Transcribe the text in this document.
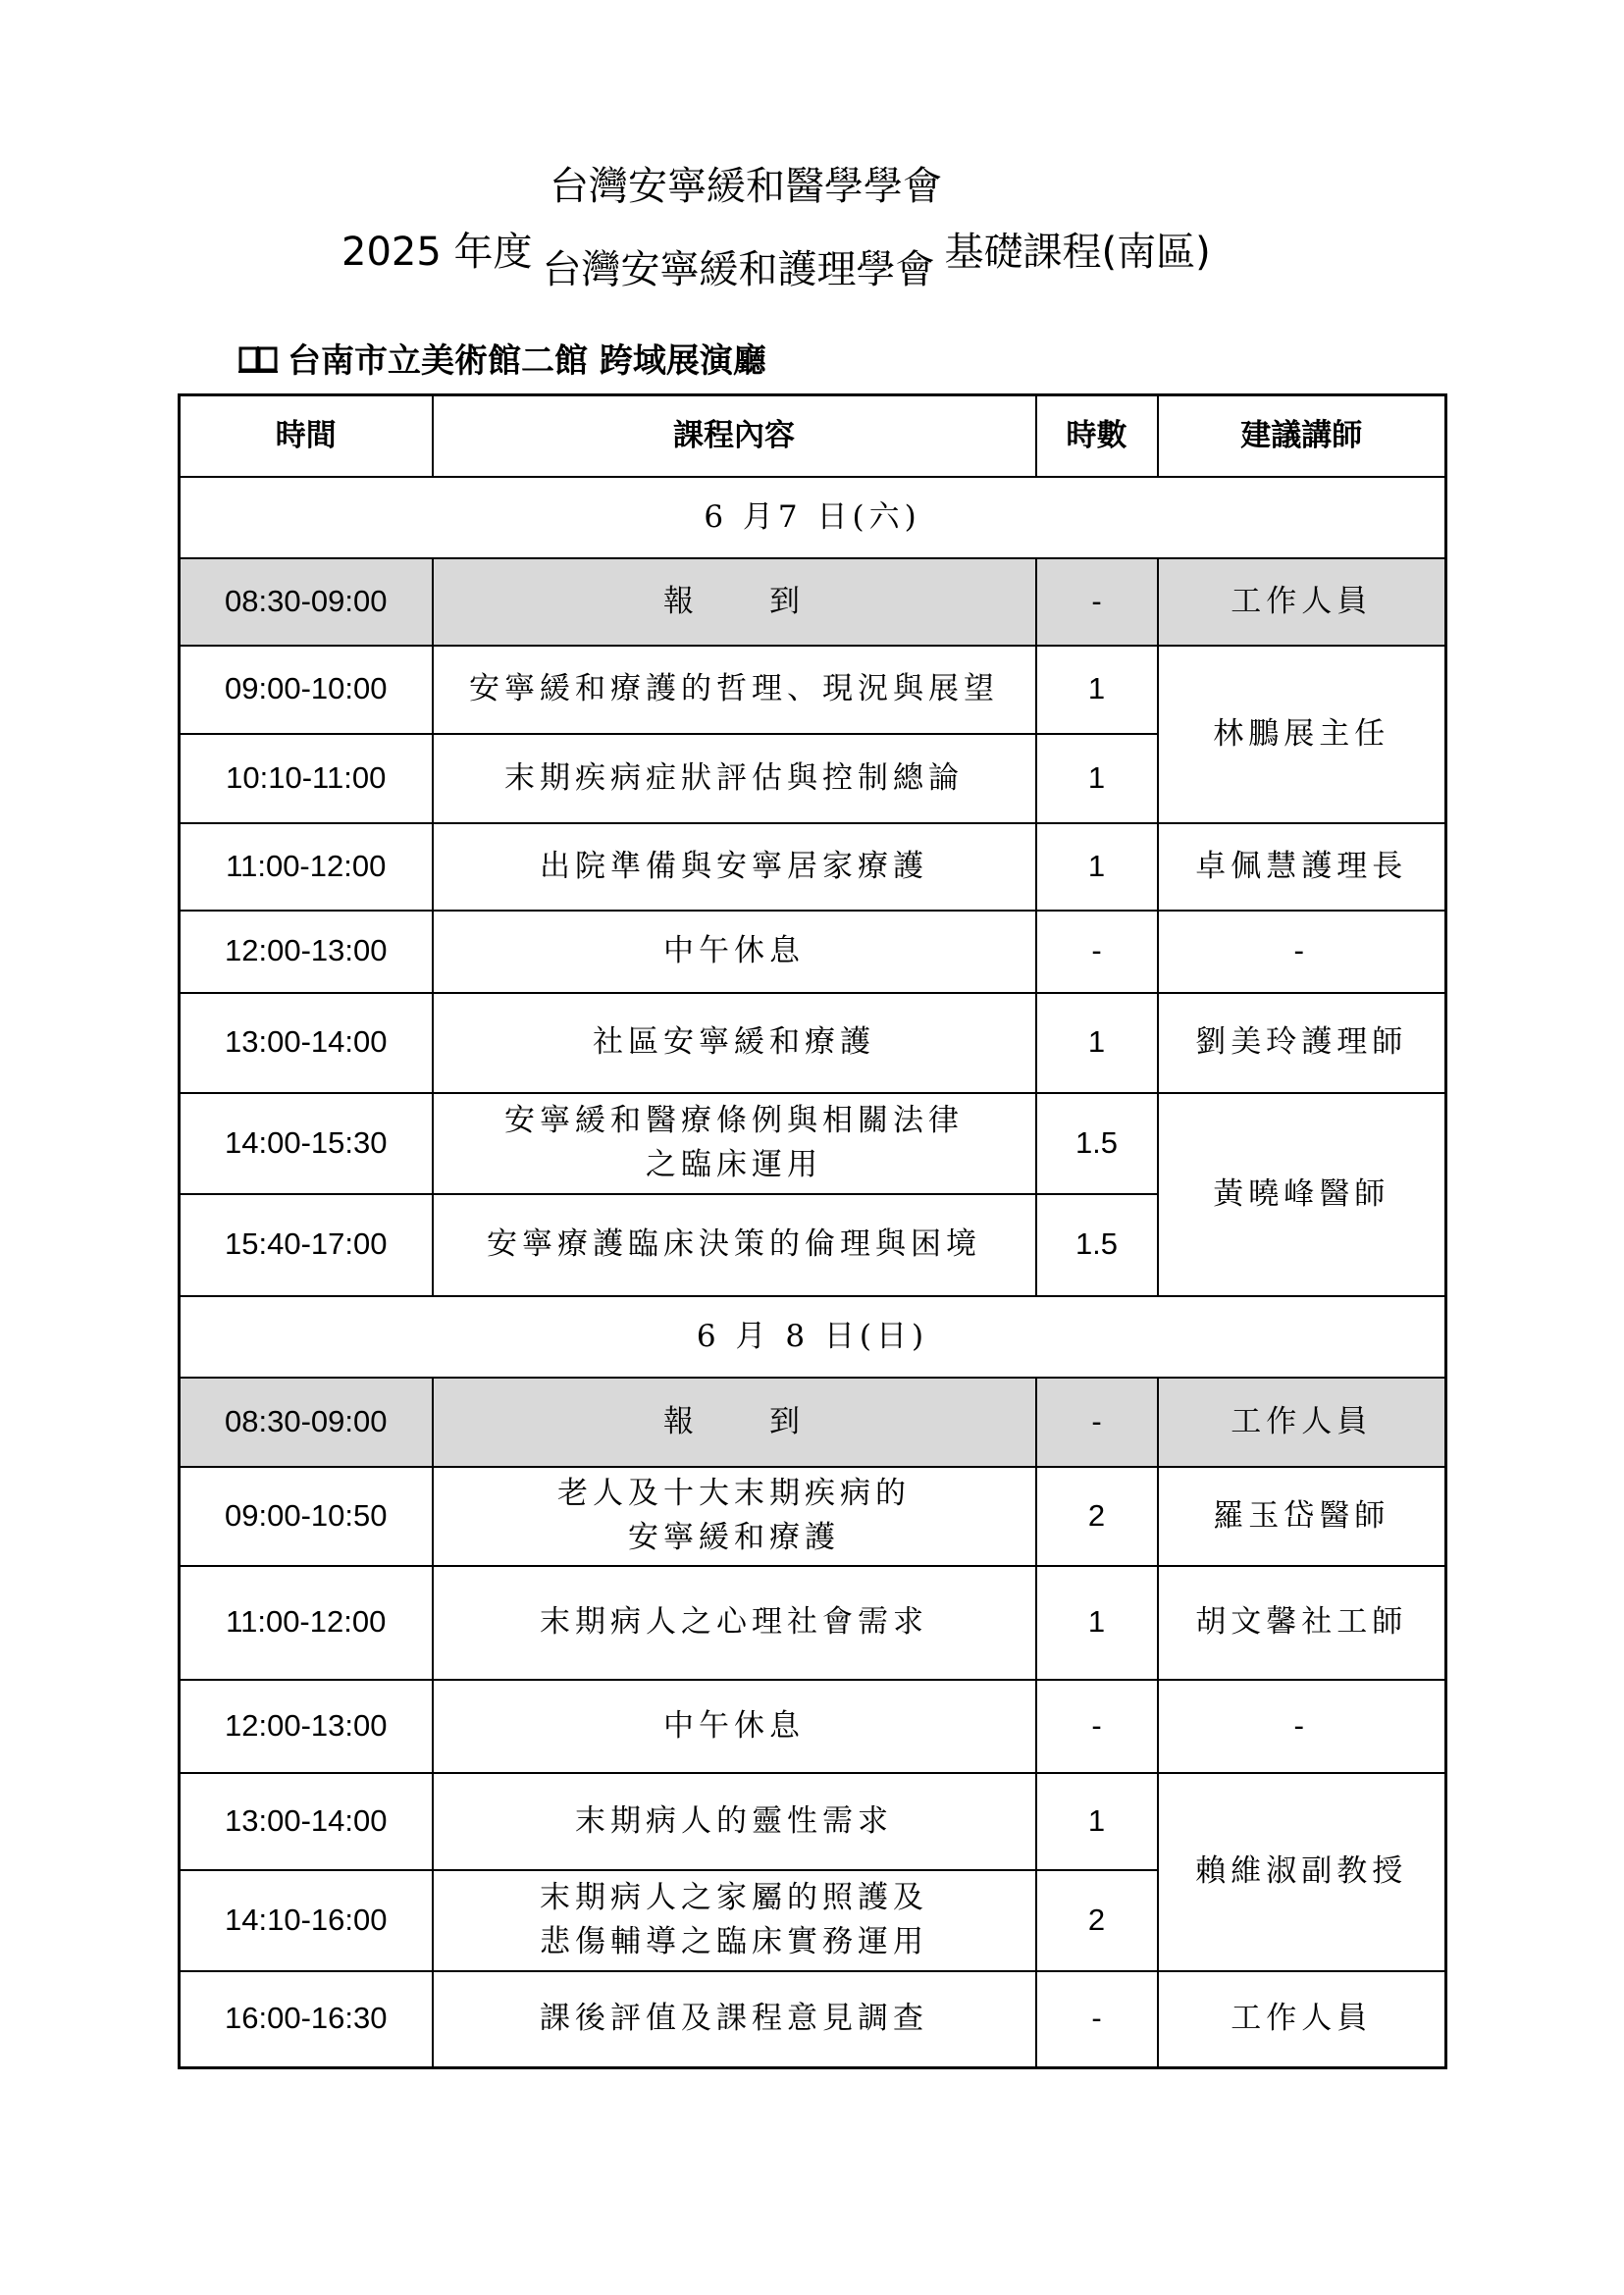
台灣安寧緩和醫學學會
2025 年度 台灣安寧緩和護理學會 基礎課程(南區)
台南市立美術館二館 跨域展演廳
時間	課程內容	時數	建議講師
6 月7 日(六)			
08:30-09:00	報　　到	-	工作人員
09:00-10:00	安寧緩和療護的哲理、現況與展望	1	林鵬展主任
10:10-11:00	末期疾病症狀評估與控制總論	1	
11:00-12:00	出院準備與安寧居家療護	1	卓佩慧護理長
12:00-13:00	中午休息	-	-
13:00-14:00	社區安寧緩和療護	1	劉美玲護理師
14:00-15:30	安寧緩和醫療條例與相關法律
之臨床運用	1.5	黃曉峰醫師
15:40-17:00	安寧療護臨床決策的倫理與困境	1.5	
6 月 8 日(日)			
08:30-09:00	報　　到	-	工作人員
09:00-10:50	老人及十大末期疾病的
安寧緩和療護	2	羅玉岱醫師
11:00-12:00	末期病人之心理社會需求	1	胡文馨社工師
12:00-13:00	中午休息	-	-
13:00-14:00	末期病人的靈性需求	1	賴維淑副教授
14:10-16:00	末期病人之家屬的照護及
悲傷輔導之臨床實務運用	2	
16:00-16:30	課後評值及課程意見調查	-	工作人員
